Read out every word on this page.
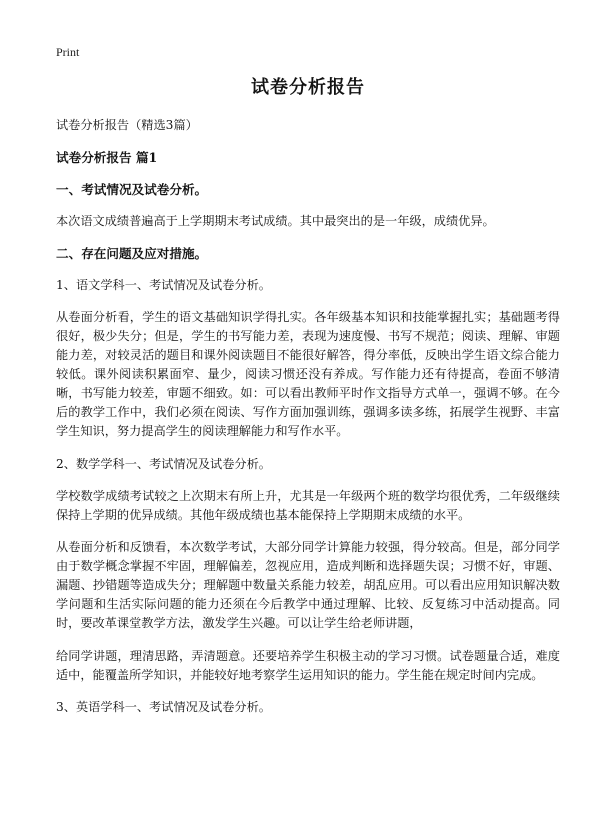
Print
试卷分析报告

试卷分析报告（精选3篇）

试卷分析报告 篇1

一、考试情况及试卷分析。

本次语文成绩普遍高于上学期期末考试成绩。其中最突出的是一年级，成绩优异。

二、存在问题及应对措施。

1、语文学科一、考试情况及试卷分析。

从卷面分析看，学生的语文基础知识学得扎实。各年级基本知识和技能掌握扎实；基础题考得很好，极少失分；但是，学生的书写能力差，表现为速度慢、书写不规范；阅读、理解、审题能力差，对较灵活的题目和课外阅读题目不能很好解答，得分率低，反映出学生语文综合能力较低。课外阅读积累面窄、量少，阅读习惯还没有养成。写作能力还有待提高，卷面不够清晰，书写能力较差，审题不细致。如：可以看出教师平时作文指导方式单一，强调不够。在今后的教学工作中，我们必须在阅读、写作方面加强训练，强调多读多练，拓展学生视野、丰富学生知识，努力提高学生的阅读理解能力和写作水平。

2、数学学科一、考试情况及试卷分析。

学校数学成绩考试较之上次期末有所上升，尤其是一年级两个班的数学均很优秀，二年级继续保持上学期的优异成绩。其他年级成绩也基本能保持上学期期末成绩的水平。

从卷面分析和反馈看，本次数学考试，大部分同学计算能力较强，得分较高。但是，部分同学由于数学概念掌握不牢固，理解偏差，忽视应用，造成判断和选择题失误；习惯不好，审题、漏题、抄错题等造成失分；理解题中数量关系能力较差，胡乱应用。可以看出应用知识解决数学问题和生活实际问题的能力还须在今后教学中通过理解、比较、反复练习中活动提高。同时，要改革课堂教学方法，激发学生兴趣。可以让学生给老师讲题，

给同学讲题，理清思路，弄清题意。还要培养学生积极主动的学习习惯。试卷题量合适，难度适中，能覆盖所学知识，并能较好地考察学生运用知识的能力。学生能在规定时间内完成。

3、英语学科一、考试情况及试卷分析。
